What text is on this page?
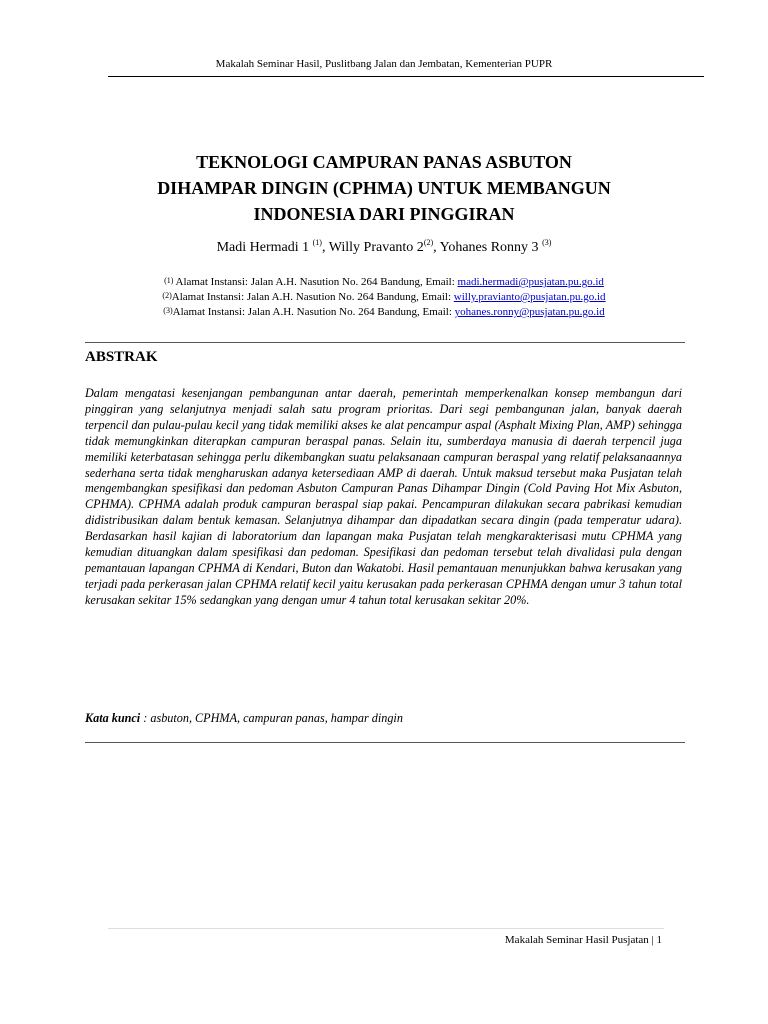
Makalah Seminar Hasil, Puslitbang Jalan dan Jembatan, Kementerian PUPR
TEKNOLOGI CAMPURAN PANAS ASBUTON
DIHAMPAR DINGIN (CPHMA) UNTUK MEMBANGUN
INDONESIA DARI PINGGIRAN
Madi Hermadi 1 $^{(1)}$, Willy Pravanto 2$^{(2)}$, Yohanes Ronny 3 $^{(3)}$
$^{(1)}$ Alamat Instansi: Jalan A.H. Nasution No. 264 Bandung, Email: madi.hermadi@pusjatan.pu.go.id
$^{(2)}$Alamat Instansi: Jalan A.H. Nasution No. 264 Bandung, Email: willy.pravianto@pusjatan.pu.go.id
$^{(3)}$Alamat Instansi: Jalan A.H. Nasution No. 264 Bandung, Email: yohanes.ronny@pusjatan.pu.go.id
ABSTRAK
Dalam mengatasi kesenjangan pembangunan antar daerah, pemerintah memperkenalkan konsep membangun dari pinggiran yang selanjutnya menjadi salah satu program prioritas. Dari segi pembangunan jalan, banyak daerah terpencil dan pulau-pulau kecil yang tidak memiliki akses ke alat pencampur aspal (Asphalt Mixing Plan, AMP) sehingga tidak memungkinkan diterapkan campuran beraspal panas. Selain itu, sumberdaya manusia di daerah terpencil juga memiliki keterbatasan sehingga perlu dikembangkan suatu pelaksanaan campuran beraspal yang relatif pelaksanaannya sederhana serta tidak mengharuskan adanya ketersediaan AMP di daerah. Untuk maksud tersebut maka Pusjatan telah mengembangkan spesifikasi dan pedoman Asbuton Campuran Panas Dihampar Dingin (Cold Paving Hot Mix Asbuton, CPHMA). CPHMA adalah produk campuran beraspal siap pakai. Pencampuran dilakukan secara pabrikasi kemudian didistribusikan dalam bentuk kemasan. Selanjutnya dihampar dan dipadatkan secara dingin (pada temperatur udara). Berdasarkan hasil kajian di laboratorium dan lapangan maka Pusjatan telah mengkarakterisasi mutu CPHMA yang kemudian dituangkan dalam spesifikasi dan pedoman. Spesifikasi dan pedoman tersebut telah divalidasi pula dengan pemantauan lapangan CPHMA di Kendari, Buton dan Wakatobi. Hasil pemantauan menunjukkan bahwa kerusakan yang terjadi pada perkerasan jalan CPHMA relatif kecil yaitu kerusakan pada perkerasan CPHMA dengan umur 3 tahun total kerusakan sekitar 15% sedangkan yang dengan umur 4 tahun total kerusakan sekitar 20%.
Kata kunci : asbuton, CPHMA, campuran panas, hampar dingin
Makalah Seminar Hasil Pusjatan | 1
